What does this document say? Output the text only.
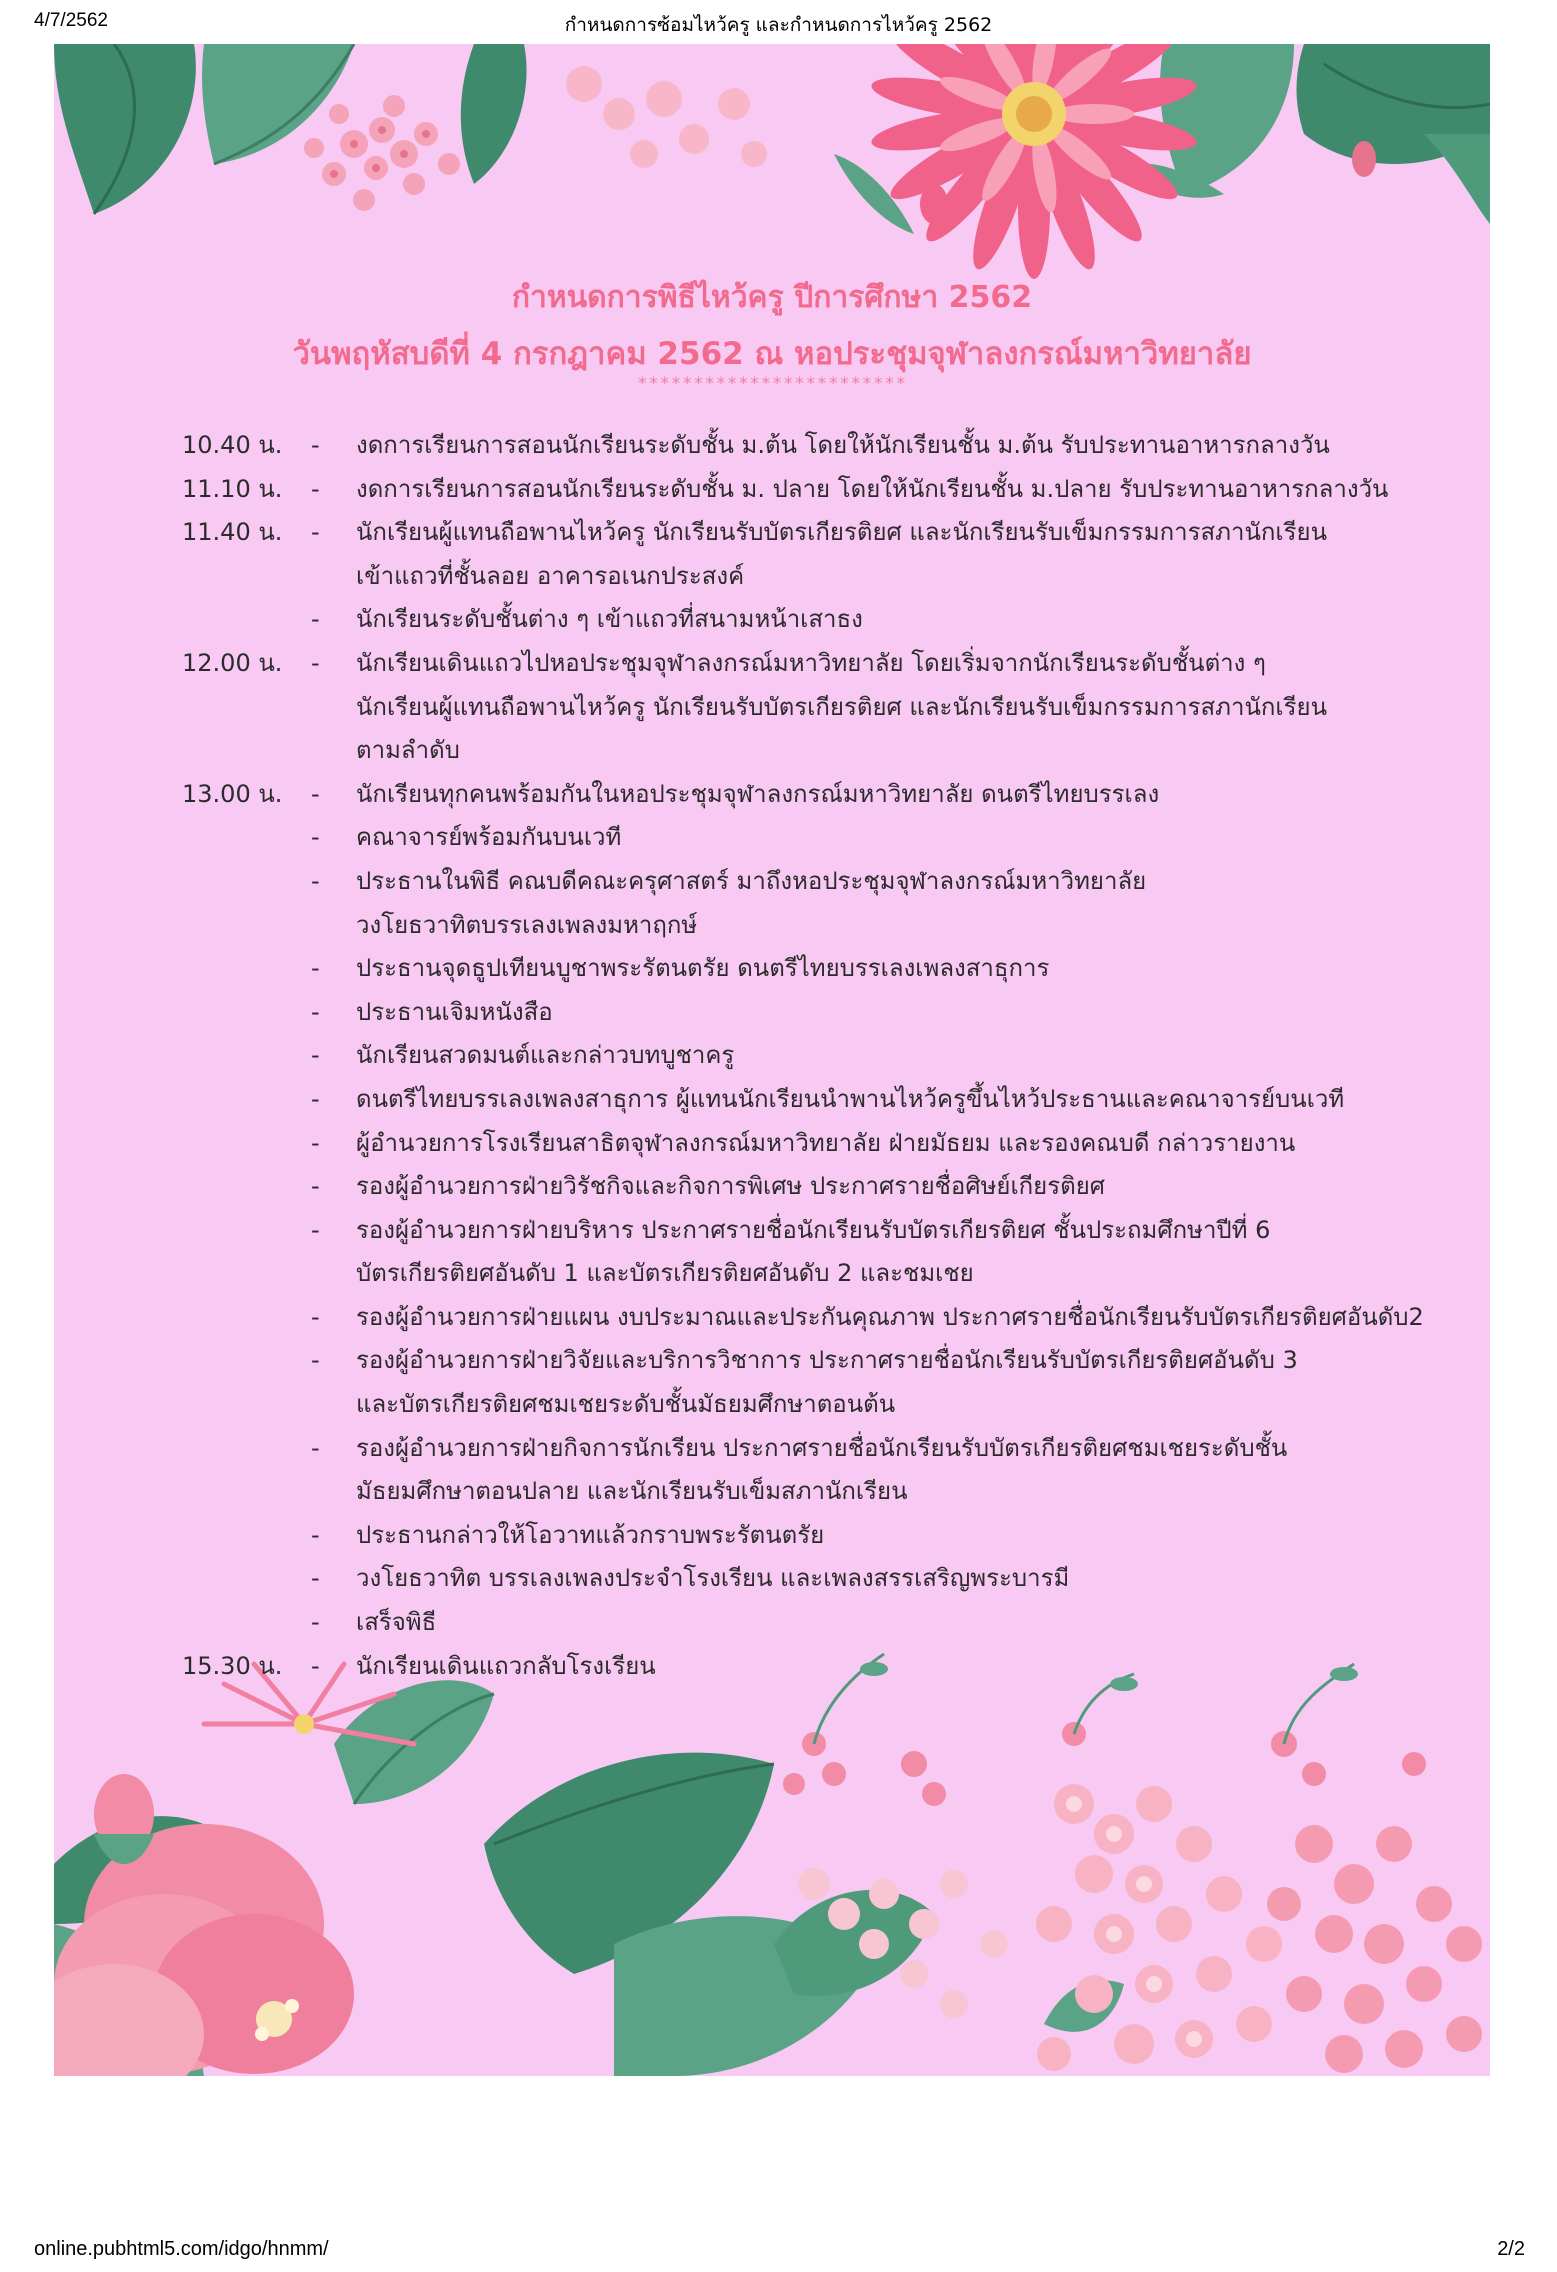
4/7/2562	กำหนดการซ้อมไหว้ครู และกำหนดการไหว้ครู 2562
กำหนดการพิธีไหว้ครู ปีการศึกษา 2562
วันพฤหัสบดีที่ 4 กรกฎาคม 2562 ณ หอประชุมจุฬาลงกรณ์มหาวิทยาลัย
************************
10.40 น.	- งดการเรียนการสอนนักเรียนระดับชั้น ม.ต้น โดยให้นักเรียนชั้น ม.ต้น รับประทานอาหารกลางวัน
11.10 น.	- งดการเรียนการสอนนักเรียนระดับชั้น ม. ปลาย โดยให้นักเรียนชั้น ม.ปลาย รับประทานอาหารกลางวัน
11.40 น.	- นักเรียนผู้แทนถือพานไหว้ครู นักเรียนรับบัตรเกียรติยศ และนักเรียนรับเข็มกรรมการสภานักเรียน
เข้าแถวที่ชั้นลอย อาคารอเนกประสงค์
- นักเรียนระดับชั้นต่าง ๆ เข้าแถวที่สนามหน้าเสาธง
12.00 น.	- นักเรียนเดินแถวไปหอประชุมจุฬาลงกรณ์มหาวิทยาลัย โดยเริ่มจากนักเรียนระดับชั้นต่าง ๆ
นักเรียนผู้แทนถือพานไหว้ครู นักเรียนรับบัตรเกียรติยศ และนักเรียนรับเข็มกรรมการสภานักเรียน
ตามลำดับ
13.00 น.	- นักเรียนทุกคนพร้อมกันในหอประชุมจุฬาลงกรณ์มหาวิทยาลัย ดนตรีไทยบรรเลง
- คณาจารย์พร้อมกันบนเวที
- ประธานในพิธี คณบดีคณะครุศาสตร์ มาถึงหอประชุมจุฬาลงกรณ์มหาวิทยาลัย
วงโยธวาทิตบรรเลงเพลงมหาฤกษ์
- ประธานจุดธูปเทียนบูชาพระรัตนตรัย ดนตรีไทยบรรเลงเพลงสาธุการ
- ประธานเจิมหนังสือ
- นักเรียนสวดมนต์และกล่าวบทบูชาครู
- ดนตรีไทยบรรเลงเพลงสาธุการ ผู้แทนนักเรียนนำพานไหว้ครูขึ้นไหว้ประธานและคณาจารย์บนเวที
- ผู้อำนวยการโรงเรียนสาธิตจุฬาลงกรณ์มหาวิทยาลัย ฝ่ายมัธยม และรองคณบดี กล่าวรายงาน
- รองผู้อำนวยการฝ่ายวิรัชกิจและกิจการพิเศษ ประกาศรายชื่อศิษย์เกียรติยศ
- รองผู้อำนวยการฝ่ายบริหาร ประกาศรายชื่อนักเรียนรับบัตรเกียรติยศ ชั้นประถมศึกษาปีที่ 6
บัตรเกียรติยศอันดับ 1 และบัตรเกียรติยศอันดับ 2 และชมเชย
- รองผู้อำนวยการฝ่ายแผน งบประมาณและประกันคุณภาพ ประกาศรายชื่อนักเรียนรับบัตรเกียรติยศอันดับ2
- รองผู้อำนวยการฝ่ายวิจัยและบริการวิชาการ ประกาศรายชื่อนักเรียนรับบัตรเกียรติยศอันดับ 3
และบัตรเกียรติยศชมเชยระดับชั้นมัธยมศึกษาตอนต้น
- รองผู้อำนวยการฝ่ายกิจการนักเรียน ประกาศรายชื่อนักเรียนรับบัตรเกียรติยศชมเชยระดับชั้น
มัธยมศึกษาตอนปลาย และนักเรียนรับเข็มสภานักเรียน
- ประธานกล่าวให้โอวาทแล้วกราบพระรัตนตรัย
- วงโยธวาทิต บรรเลงเพลงประจำโรงเรียน และเพลงสรรเสริญพระบารมี
- เสร็จพิธี
15.30 น.	- นักเรียนเดินแถวกลับโรงเรียน
online.pubhtml5.com/idgo/hnmm/	2/2
